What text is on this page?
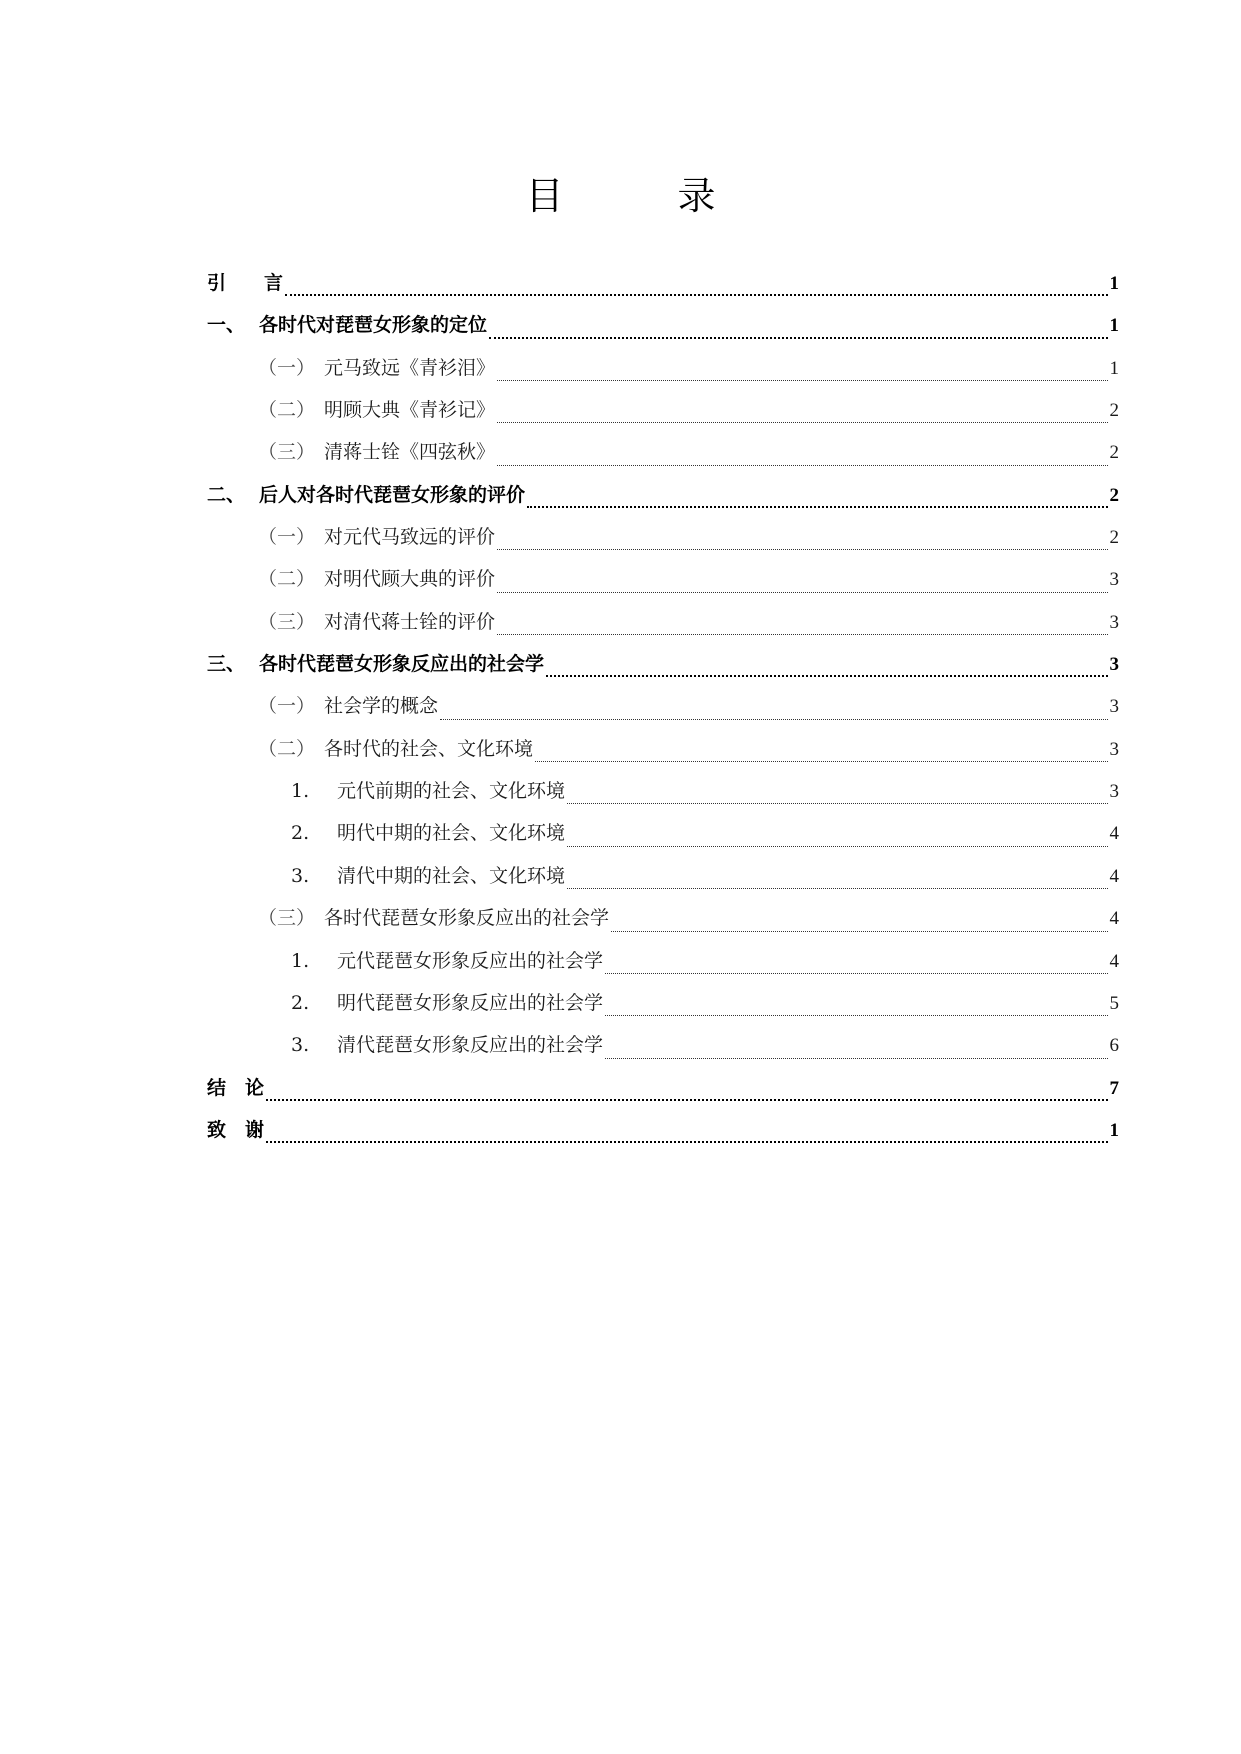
目　录
引　　言	1
一、 各时代对琵琶女形象的定位	1
（一） 元马致远《青衫泪》	1
（二） 明顾大典《青衫记》	2
（三） 清蒋士铨《四弦秋》	2
二、 后人对各时代琵琶女形象的评价	2
（一） 对元代马致远的评价	2
（二） 对明代顾大典的评价	3
（三） 对清代蒋士铨的评价	3
三、 各时代琵琶女形象反应出的社会学	3
（一） 社会学的概念	3
（二） 各时代的社会、文化环境	3
1.	元代前期的社会、文化环境	3
2.	明代中期的社会、文化环境	4
3.	清代中期的社会、文化环境	4
（三） 各时代琵琶女形象反应出的社会学	4
1.	元代琵琶女形象反应出的社会学	4
2.	明代琵琶女形象反应出的社会学	5
3.	清代琵琶女形象反应出的社会学	6
结　论	7
致　谢	1
